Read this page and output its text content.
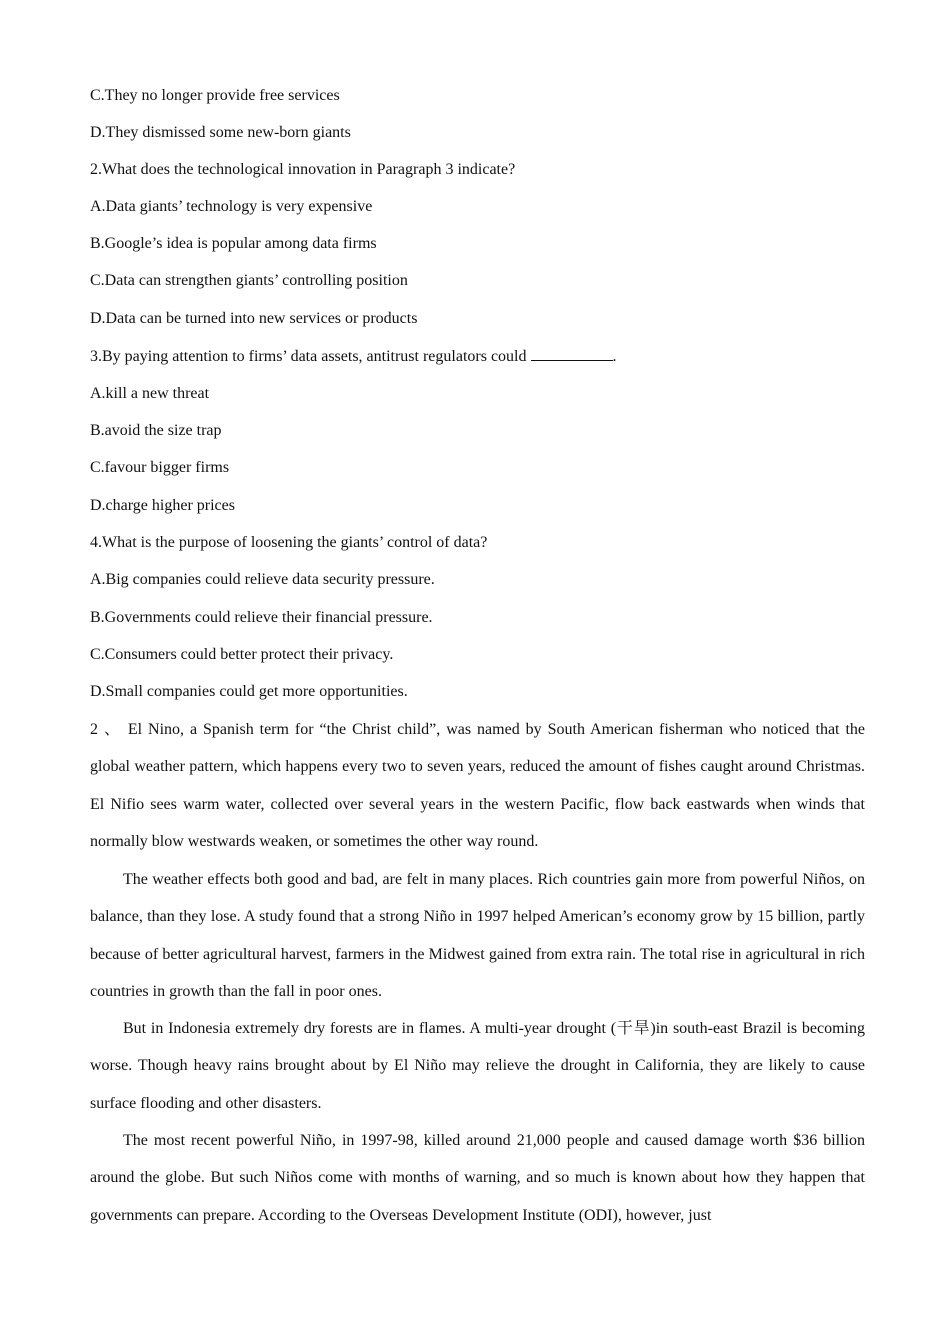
C.They no longer provide free services
D.They dismissed some new-born giants
2.What does the technological innovation in Paragraph 3 indicate?
A.Data giants’ technology is very expensive
B.Google’s idea is popular among data firms
C.Data can strengthen giants’ controlling position
D.Data can be turned into new services or products
3.By paying attention to firms’ data assets, antitrust regulators could	.
A.kill a new threat
B.avoid the size trap
C.favour bigger firms
D.charge higher prices
4.What is the purpose of loosening the giants’ control of data?
A.Big companies could relieve data security pressure.
B.Governments could relieve their financial pressure.
C.Consumers could better protect their privacy.
D.Small companies could get more opportunities.
2 、 El Nino, a Spanish term for “the Christ child”, was named by South American fisherman who noticed that the global weather pattern, which happens every two to seven years, reduced the amount of fishes caught around Christmas. El Nifio sees warm water, collected over several years in the western Pacific, flow back eastwards when winds that normally blow westwards weaken, or sometimes the other way round.
The weather effects both good and bad, are felt in many places. Rich countries gain more from powerful Niños, on balance, than they lose. A study found that a strong Niño in 1997 helped American’s economy grow by 15 billion, partly because of better agricultural harvest, farmers in the Midwest gained from extra rain. The total rise in agricultural in rich countries in growth than the fall in poor ones.
But in Indonesia extremely dry forests are in flames. A multi-year drought (干旱)in south-east Brazil is becoming worse. Though heavy rains brought about by El Niño may relieve the drought in California, they are likely to cause surface flooding and other disasters.
The most recent powerful Niño, in 1997-98, killed around 21,000 people and caused damage worth $36 billion around the globe. But such Niños come with months of warning, and so much is known about how they happen that governments can prepare. According to the Overseas Development Institute (ODI), however, just
